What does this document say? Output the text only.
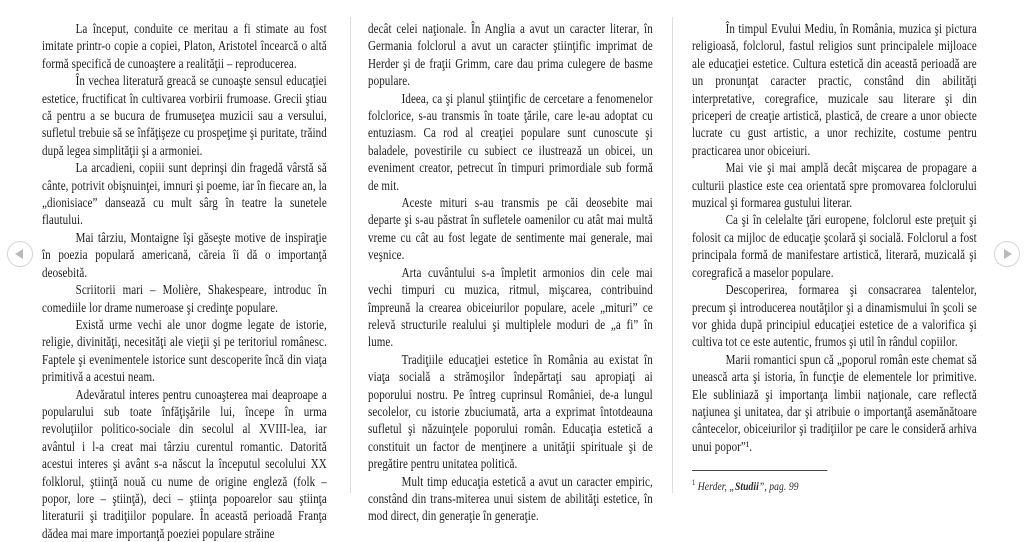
La început, conduite ce meritau a fi stimate au fost imitate printr-o copie a copiei, Platon, Aristotel încearcă o altă formă specifică de cunoaştere a realităţii – reproducerea.

În vechea literatură greacă se cunoaşte sensul educaţiei estetice, fructificat în cultivarea vorbirii frumoase. Grecii ştiau că pentru a se bucura de frumuseţea muzicii sau a versului, sufletul trebuie să se înfăţişeze cu prospeţime şi puritate, trăind după legea simplităţii şi a armoniei.

La arcadieni, copiii sunt deprinşi din fragedă vârstă să cânte, potrivit obişnuinţei, imnuri şi poeme, iar în fiecare an, la „dionisiace” dansează cu mult sârg în teatre la sunetele flautului.

Mai târziu, Montaigne îşi găseşte motive de inspiraţie în poezia populară americană, căreia îi dă o importanţă deosebită.

Scriitorii mari – Molière, Shakespeare, introduc în comediile lor drame numeroase şi credinţe populare.

Există urme vechi ale unor dogme legate de istorie, religie, divinităţi, necesităţi ale vieţii şi pe teritoriul românesc. Faptele şi evenimentele istorice sunt descoperite încă din viaţa primitivă a acestui neam.

Adevăratul interes pentru cunoaşterea mai deaproape a popularului sub toate înfăţişările lui, începe în urma revoluţiilor politico-sociale din secolul al XVIII-lea, iar avântul i l-a creat mai târziu curentul romantic. Datorită acestui interes şi avânt s-a născut la începutul secolului XX folklorul, ştiinţă nouă cu nume de origine engleză (folk – popor, lore – ştiinţă), deci – ştiinţa popoarelor sau ştiinţa literaturii şi tradiţiilor populare. În această perioadă Franţa dădea mai mare importanţă poeziei populare străine

decât celei naţionale. În Anglia a avut un caracter literar, în Germania folclorul a avut un caracter ştiinţific imprimat de Herder şi de fraţii Grimm, care dau prima culegere de basme populare.

Ideea, ca şi planul ştiinţific de cercetare a fenomenelor folclorice, s-au transmis în toate ţările, care le-au adoptat cu entuziasm. Ca rod al creaţiei populare sunt cunoscute şi baladele, povestirile cu subiect ce ilustrează un obicei, un eveniment creator, petrecut în timpuri primordiale sub formă de mit.

Aceste mituri s-au transmis pe căi deosebite mai departe şi s-au păstrat în sufletele oamenilor cu atât mai multă vreme cu cât au fost legate de sentimente mai generale, mai veşnice.

Arta cuvântului s-a împletit armonios din cele mai vechi timpuri cu muzica, ritmul, mişcarea, contribuind împreună la crearea obiceiurilor populare, acele „mituri” ce relevă structurile realului şi multiplele moduri de „a fi” în lume.

Tradiţiile educaţiei estetice în România au existat în viaţa socială a strămoşilor îndepărtaţi sau apropiaţi ai poporului nostru. Pe întreg cuprinsul României, de-a lungul secolelor, cu istorie zbuciumată, arta a exprimat întotdeauna sufletul şi năzuinţele poporului român. Educaţia estetică a constituit un factor de menţinere a unităţii spirituale şi de pregătire pentru unitatea politică.

Mult timp educaţia estetică a avut un caracter empiric, constând din trans-miterea unui sistem de abilităţi estetice, în mod direct, din generaţie în generaţie.

În timpul Evului Mediu, în România, muzica şi pictura religioasă, folclorul, fastul religios sunt principalele mijloace ale educaţiei estetice. Cultura estetică din această perioadă are un pronunţat caracter practic, constând din abilităţi interpretative, coregrafice, muzicale sau literare şi din priceperi de creaţie artistică, plastică, de creare a unor obiecte lucrate cu gust artistic, a unor rechizite, costume pentru practicarea unor obiceiuri.

Mai vie şi mai amplă decât mişcarea de propagare a culturii plastice este cea orientată spre promovarea folclorului muzical şi formarea gustului literar.

Ca şi în celelalte ţări europene, folclorul este preţuit şi folosit ca mijloc de educaţie şcolară şi socială. Folclorul a fost principala formă de manifestare artistică, literară, muzicală şi coregrafică a maselor populare.

Descoperirea, formarea şi consacrarea talentelor, precum şi introducerea noutăţilor şi a dinamismului în şcoli se vor ghida după principiul educaţiei estetice de a valorifica şi cultiva tot ce este autentic, frumos şi util în rândul copiilor.

Marii romantici spun că „poporul român este chemat să unească arta şi istoria, în funcţie de elementele lor primitive. Ele subliniază şi importanţa limbii naţionale, care reflectă naţiunea şi unitatea, dar şi atribuie o importanţă asemănătoare cântecelor, obiceiurilor şi tradiţiilor pe care le consideră arhiva unui popor”¹.

$^1$ Herder, „Studii”, pag. 99
